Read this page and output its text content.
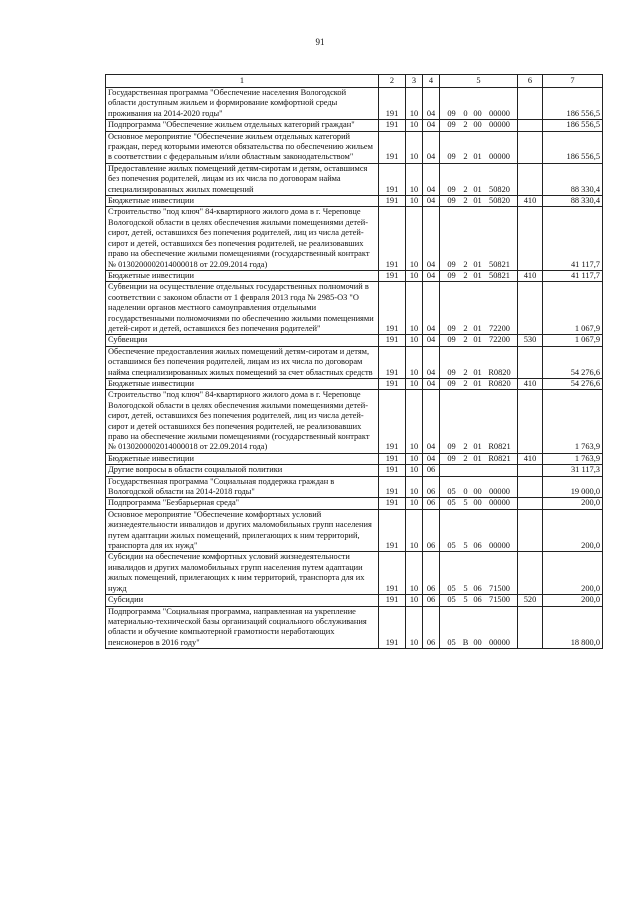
91
1	2	3	4	5	6	7
Государственная программа "Обеспечение населения Вологодской области доступным жильем и формирование комфортной среды проживания на 2014-2020 годы"	191	10	04	09 0 00 00000		186 556,5
Подпрограмма "Обеспечение жильем отдельных категорий граждан"	191	10	04	09 2 00 00000		186 556,5
Основное мероприятие "Обеспечение жильем отдельных категорий граждан, перед которыми имеются обязательства по обеспечению жильем в соответствии с федеральным и/или областным законодательством"	191	10	04	09 2 01 00000		186 556,5
Предоставление жилых помещений детям-сиротам и детям, оставшимся без попечения родителей, лицам из их числа по договорам найма специализированных жилых помещений	191	10	04	09 2 01 50820		88 330,4
Бюджетные инвестиции	191	10	04	09 2 01 50820	410	88 330,4
Строительство "под ключ" 84-квартирного жилого дома в г. Череповце Вологодской области в целях обеспечения жилыми помещениями детей-сирот, детей, оставшихся без попечения родителей, лиц из числа детей-сирот и детей, оставшихся без попечения родителей, не реализовавших право на обеспечение жилыми помещениями (государственный контракт № 0130200002014000018 от 22.09.2014 года)	191	10	04	09 2 01 50821		41 117,7
Бюджетные инвестиции	191	10	04	09 2 01 50821	410	41 117,7
Субвенции на осуществление отдельных государственных полномочий в соответствии с законом области от 1 февраля 2013 года № 2985-ОЗ "О наделении органов местного самоуправления отдельными государственными полномочиями по обеспечению жилыми помещениями детей-сирот и детей, оставшихся без попечения родителей"	191	10	04	09 2 01 72200		1 067,9
Субвенции	191	10	04	09 2 01 72200	530	1 067,9
Обеспечение предоставления жилых помещений детям-сиротам и детям, оставшимся без попечения родителей, лицам из их числа по договорам найма специализированных жилых помещений за счет областных средств	191	10	04	09 2 01 R0820		54 276,6
Бюджетные инвестиции	191	10	04	09 2 01 R0820	410	54 276,6
Строительство "под ключ" 84-квартирного жилого дома в г. Череповце Вологодской области в целях обеспечения жилыми помещениями детей-сирот, детей, оставшихся без попечения родителей, лиц из числа детей-сирот и детей оставшихся без попечения родителей, не реализовавших право на обеспечение жилыми помещениями (государственный контракт № 0130200002014000018 от 22.09.2014 года)	191	10	04	09 2 01 R0821		1 763,9
Бюджетные инвестиции	191	10	04	09 2 01 R0821	410	1 763,9
Другие вопросы в области социальной политики	191	10	06			31 117,3
Государственная программа "Социальная поддержка граждан в Вологодской области на 2014-2018 годы"	191	10	06	05 0 00 00000		19 000,0
Подпрограмма "Безбарьерная среда"	191	10	06	05 5 00 00000		200,0
Основное мероприятие "Обеспечение комфортных условий жизнедеятельности инвалидов и других маломобильных групп населения путем адаптации жилых помещений, прилегающих к ним территорий, транспорта для их нужд"	191	10	06	05 5 06 00000		200,0
Субсидии на обеспечение комфортных условий жизнедеятельности инвалидов и других маломобильных групп населения путем адаптации жилых помещений, прилегающих к ним территорий, транспорта для их нужд	191	10	06	05 5 06 71500		200,0
Субсидии	191	10	06	05 5 06 71500	520	200,0
Подпрограмма "Социальная программа, направленная на укрепление материально-технической базы организаций социального обслуживания области и обучение компьютерной грамотности неработающих пенсионеров в 2016 году"	191	10	06	05 В 00 00000		18 800,0
